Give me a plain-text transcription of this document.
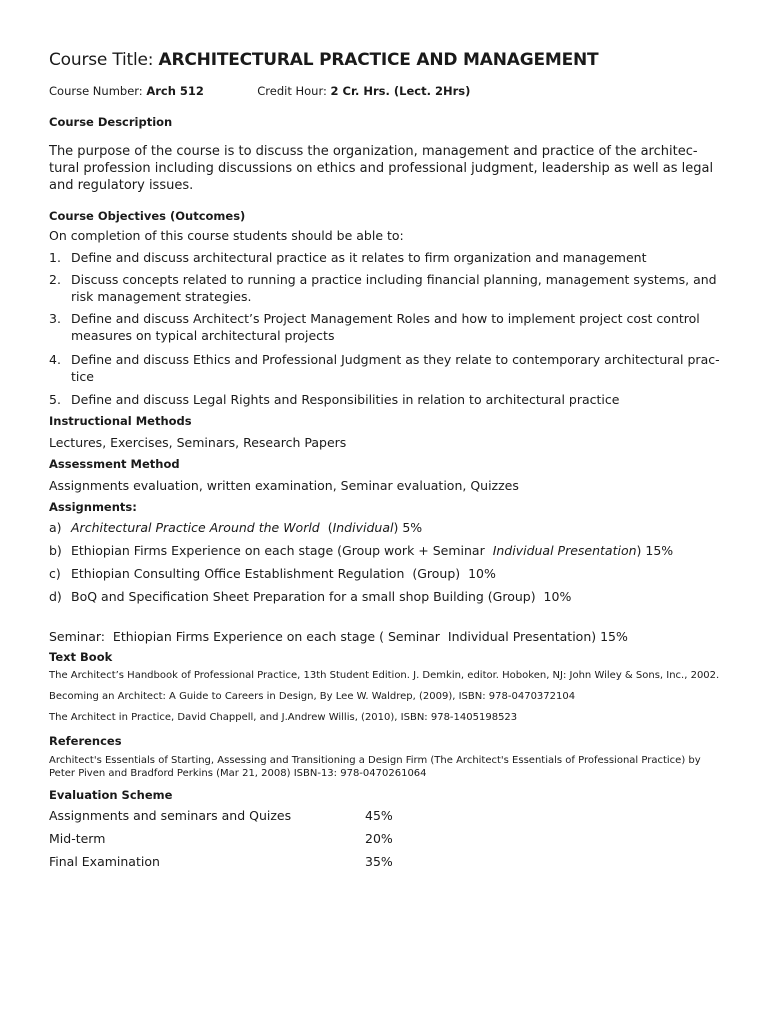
Course Title: ARCHITECTURAL PRACTICE AND MANAGEMENT
Course Number: Arch 512	Credit Hour: 2 Cr. Hrs. (Lect. 2Hrs)
Course Description
The purpose of the course is to discuss the organization, management and practice of the architec-tural profession including discussions on ethics and professional judgment, leadership as well as legal and regulatory issues.
Course Objectives (Outcomes)
On completion of this course students should be able to:
1. Define and discuss architectural practice as it relates to firm organization and management
2. Discuss concepts related to running a practice including financial planning, management systems, and risk management strategies.
3. Define and discuss Architect’s Project Management Roles and how to implement project cost control measures on typical architectural projects
4. Define and discuss Ethics and Professional Judgment as they relate to contemporary architectural prac-tice
5. Define and discuss Legal Rights and Responsibilities in relation to architectural practice
Instructional Methods
Lectures, Exercises, Seminars, Research Papers
Assessment Method
Assignments evaluation, written examination, Seminar evaluation, Quizzes
Assignments:
a) Architectural Practice Around the World  (Individual) 5%
b) Ethiopian Firms Experience on each stage (Group work + Seminar  Individual Presentation) 15%
c) Ethiopian Consulting Office Establishment Regulation  (Group)  10%
d) BoQ and Specification Sheet Preparation for a small shop Building (Group)  10%
Seminar:  Ethiopian Firms Experience on each stage ( Seminar  Individual Presentation) 15%
Text Book
The Architect’s Handbook of Professional Practice, 13th Student Edition. J. Demkin, editor. Hoboken, NJ: John Wiley & Sons, Inc., 2002.
Becoming an Architect: A Guide to Careers in Design, By Lee W. Waldrep, (2009), ISBN: 978-0470372104
The Architect in Practice, David Chappell, and J.Andrew Willis, (2010), ISBN: 978-1405198523
References
Architect's Essentials of Starting, Assessing and Transitioning a Design Firm (The Architect's Essentials of Professional Practice) by Peter Piven and Bradford Perkins (Mar 21, 2008) ISBN-13: 978-0470261064
Evaluation Scheme
Assignments and seminars and Quizes	45%
Mid-term	20%
Final Examination	35%
